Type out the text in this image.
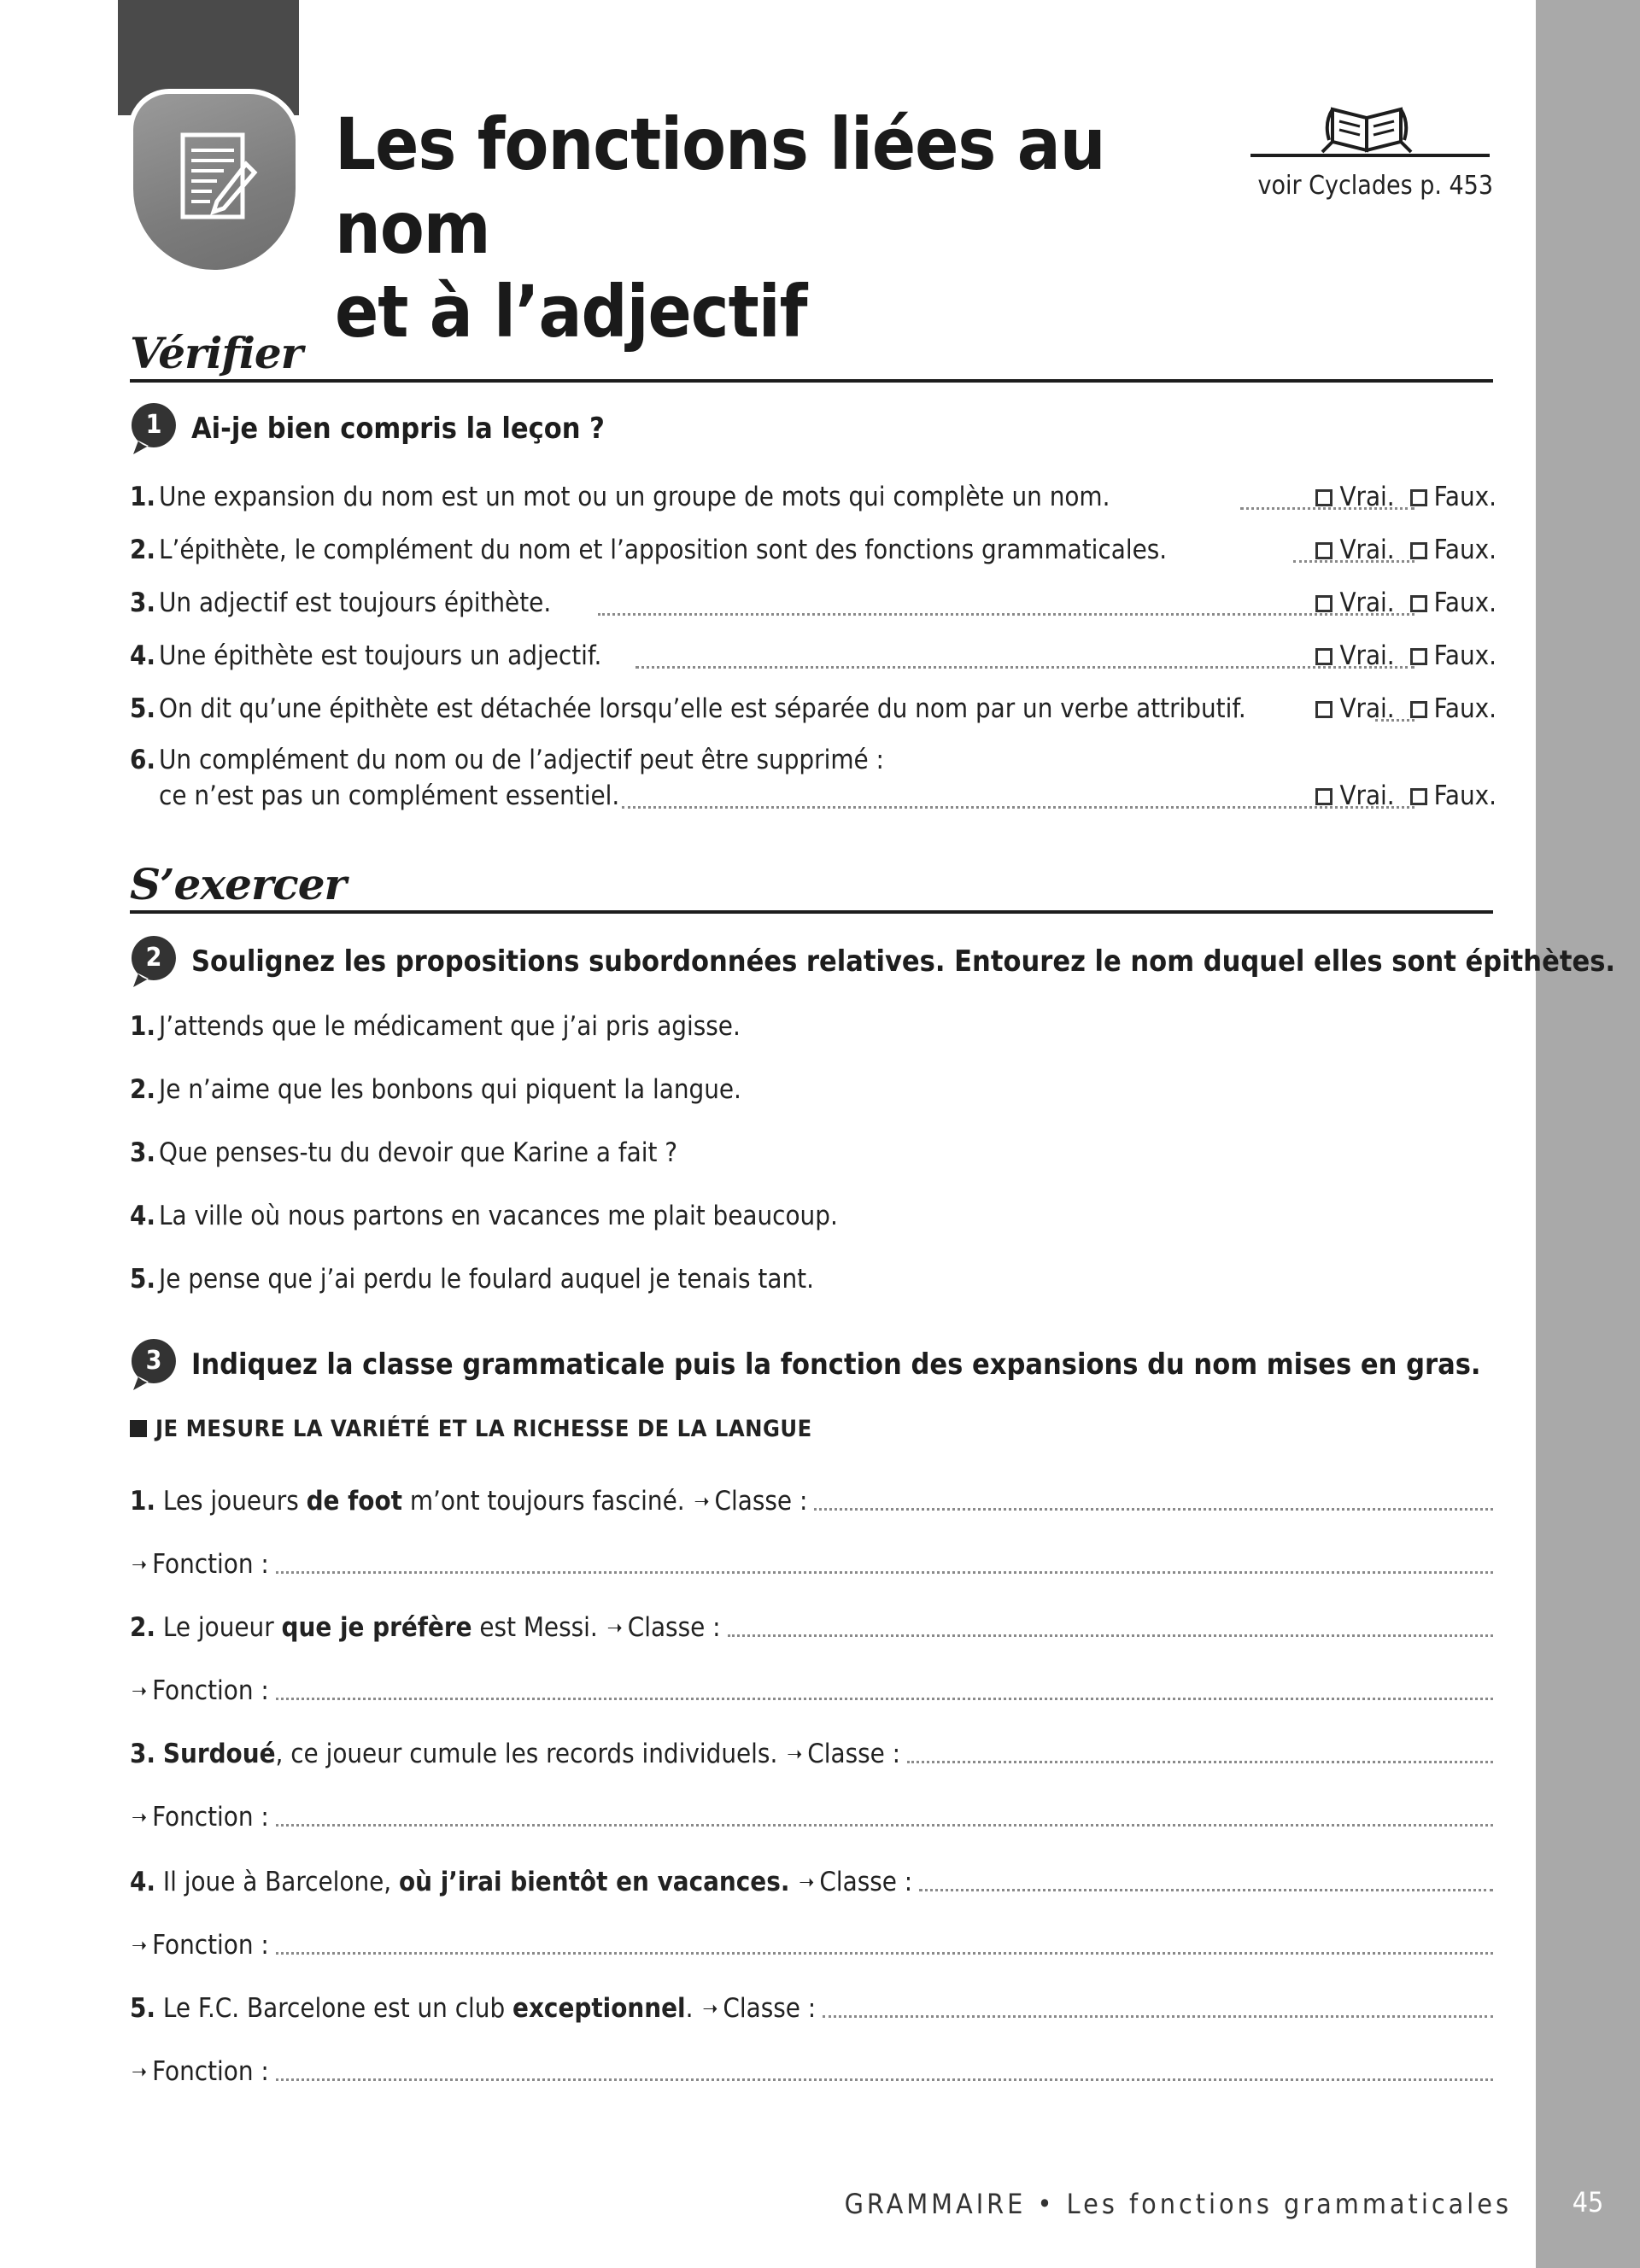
Les fonctions liées au nom
et à l’adjectif
voir Cyclades p. 453
Vérifier
1	Ai-je bien compris la leçon ?
1. Une expansion du nom est un mot ou un groupe de mots qui complète un nom.	Vrai. Faux.
2. L’épithète, le complément du nom et l’apposition sont des fonctions grammaticales.	Vrai. Faux.
3. Un adjectif est toujours épithète.	Vrai. Faux.
4. Une épithète est toujours un adjectif.	Vrai. Faux.
5. On dit qu’une épithète est détachée lorsqu’elle est séparée du nom par un verbe attributif.	Vrai. Faux.
6. Un complément du nom ou de l’adjectif peut être supprimé :
ce n’est pas un complément essentiel.	Vrai. Faux.
S’exercer
2	Soulignez les propositions subordonnées relatives. Entourez le nom duquel elles sont épithètes.
1. J’attends que le médicament que j’ai pris agisse.
2. Je n’aime que les bonbons qui piquent la langue.
3. Que penses-tu du devoir que Karine a fait ?
4. La ville où nous partons en vacances me plait beaucoup.
5. Je pense que j’ai perdu le foulard auquel je tenais tant.
3	Indiquez la classe grammaticale puis la fonction des expansions du nom mises en gras.
JE MESURE LA VARIÉTÉ ET LA RICHESSE DE LA LANGUE
1. Les joueurs de foot m’ont toujours fasciné. ➝ Classe :
➝ Fonction :
2. Le joueur que je préfère est Messi. ➝ Classe :
➝ Fonction :
3. Surdoué, ce joueur cumule les records individuels. ➝ Classe :
➝ Fonction :
4. Il joue à Barcelone, où j’irai bientôt en vacances. ➝ Classe :
➝ Fonction :
5. Le F.C. Barcelone est un club exceptionnel. ➝ Classe :
➝ Fonction :
GRAMMAIRE • Les fonctions grammaticales	45
